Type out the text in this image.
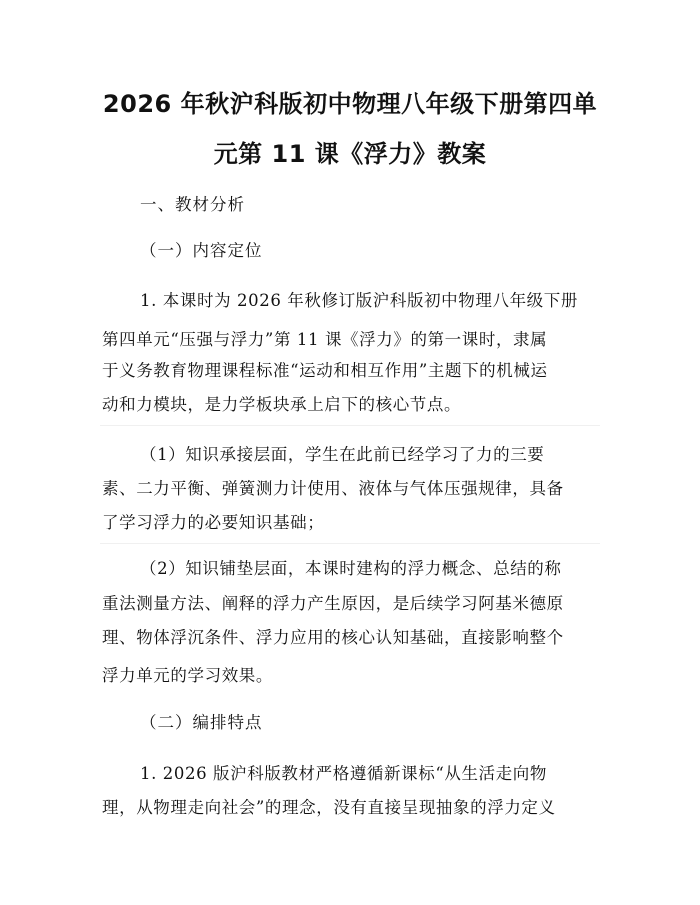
2026 年秋沪科版初中物理八年级下册第四单
元第 11 课《浮力》教案
一、教材分析
（一）内容定位
1. 本课时为 2026 年秋修订版沪科版初中物理八年级下册
第四单元“压强与浮力”第 11 课《浮力》的第一课时，隶属
于义务教育物理课程标准“运动和相互作用”主题下的机械运
动和力模块，是力学板块承上启下的核心节点。
（1）知识承接层面，学生在此前已经学习了力的三要
素、二力平衡、弹簧测力计使用、液体与气体压强规律，具备
了学习浮力的必要知识基础；
（2）知识铺垫层面，本课时建构的浮力概念、总结的称
重法测量方法、阐释的浮力产生原因，是后续学习阿基米德原
理、物体浮沉条件、浮力应用的核心认知基础，直接影响整个
浮力单元的学习效果。
（二）编排特点
1. 2026 版沪科版教材严格遵循新课标“从生活走向物
理，从物理走向社会”的理念，没有直接呈现抽象的浮力定义
